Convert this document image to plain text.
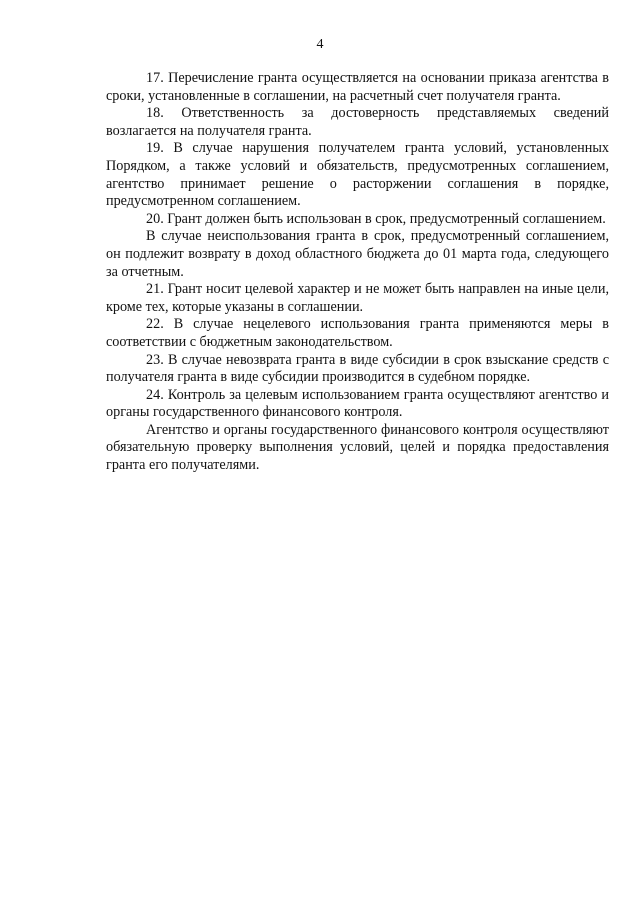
4

17. Перечисление гранта осуществляется на основании приказа агентства в сроки, установленные в соглашении, на расчетный счет получателя гранта.

18. Ответственность за достоверность представляемых сведений возлагается на получателя гранта.

19. В случае нарушения получателем гранта условий, установленных Порядком, а также условий и обязательств, предусмотренных соглашением, агентство принимает решение о расторжении соглашения в порядке, предусмотренном соглашением.

20. Грант должен быть использован в срок, предусмотренный соглашением.

В случае неиспользования гранта в срок, предусмотренный соглашением, он подлежит возврату в доход областного бюджета до 01 марта года, следующего за отчетным.

21. Грант носит целевой характер и не может быть направлен на иные цели, кроме тех, которые указаны в соглашении.

22. В случае нецелевого использования гранта применяются меры в соответствии с бюджетным законодательством.

23. В случае невозврата гранта в виде субсидии в срок взыскание средств с получателя гранта в виде субсидии производится в судебном порядке.

24. Контроль за целевым использованием гранта осуществляют агентство и органы государственного финансового контроля.

Агентство и органы государственного финансового контроля осуществляют обязательную проверку выполнения условий, целей и порядка предоставления гранта его получателями.
